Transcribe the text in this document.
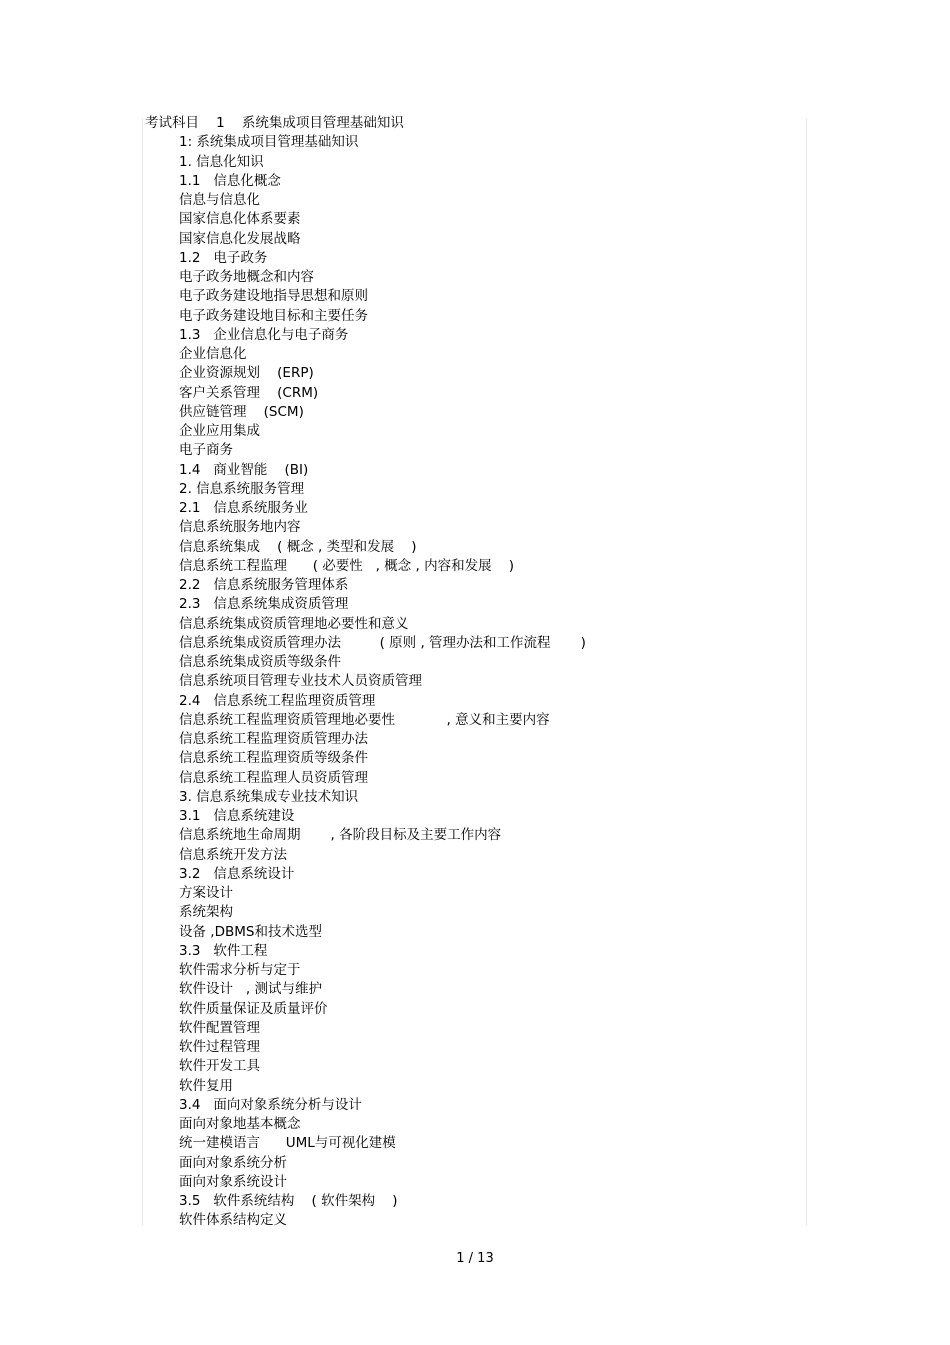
考试科目    1    系统集成项目管理基础知识
1: 系统集成项目管理基础知识
1. 信息化知识
1.1   信息化概念
信息与信息化
国家信息化体系要素
国家信息化发展战略
1.2   电子政务
电子政务地概念和内容
电子政务建设地指导思想和原则
电子政务建设地目标和主要任务
1.3   企业信息化与电子商务
企业信息化
企业资源规划    (ERP)
客户关系管理    (CRM)
供应链管理    (SCM)
企业应用集成
电子商务
1.4   商业智能    (BI)
2. 信息系统服务管理
2.1   信息系统服务业
信息系统服务地内容
信息系统集成    ( 概念 , 类型和发展    )
信息系统工程监理      ( 必要性   , 概念 , 内容和发展    )
2.2   信息系统服务管理体系
2.3   信息系统集成资质管理
信息系统集成资质管理地必要性和意义
信息系统集成资质管理办法         ( 原则 , 管理办法和工作流程       )
信息系统集成资质等级条件
信息系统项目管理专业技术人员资质管理
2.4   信息系统工程监理资质管理
信息系统工程监理资质管理地必要性            , 意义和主要内容
信息系统工程监理资质管理办法
信息系统工程监理资质等级条件
信息系统工程监理人员资质管理
3. 信息系统集成专业技术知识
3.1   信息系统建设
信息系统地生命周期       , 各阶段目标及主要工作内容
信息系统开发方法
3.2   信息系统设计
方案设计
系统架构
设备 ,DBMS和技术选型
3.3   软件工程
软件需求分析与定于
软件设计   , 测试与维护
软件质量保证及质量评价
软件配置管理
软件过程管理
软件开发工具
软件复用
3.4   面向对象系统分析与设计
面向对象地基本概念
统一建模语言      UML与可视化建模
面向对象系统分析
面向对象系统设计
3.5   软件系统结构    ( 软件架构    )
软件体系结构定义
1 / 13
